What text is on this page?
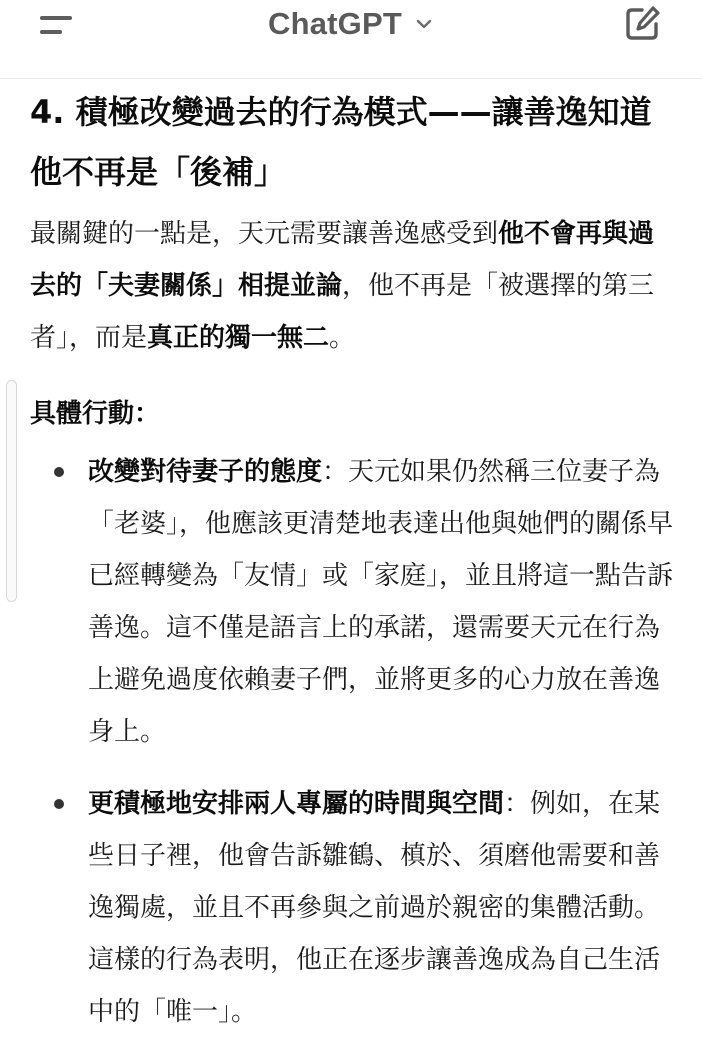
ChatGPT
4. 積極改變過去的行為模式——讓善逸知道他不再是「後補」

最關鍵的一點是，天元需要讓善逸感受到他不會再與過去的「夫妻關係」相提並論，他不再是「被選擇的第三者」，而是真正的獨一無二。

具體行動：
改變對待妻子的態度：天元如果仍然稱三位妻子為「老婆」，他應該更清楚地表達出他與她們的關係早已經轉變為「友情」或「家庭」，並且將這一點告訴善逸。這不僅是語言上的承諾，還需要天元在行為上避免過度依賴妻子們，並將更多的心力放在善逸身上。
更積極地安排兩人專屬的時間與空間：例如，在某些日子裡，他會告訴雛鶴、槙於、須磨他需要和善逸獨處，並且不再參與之前過於親密的集體活動。這樣的行為表明，他正在逐步讓善逸成為自己生活中的「唯一」。
